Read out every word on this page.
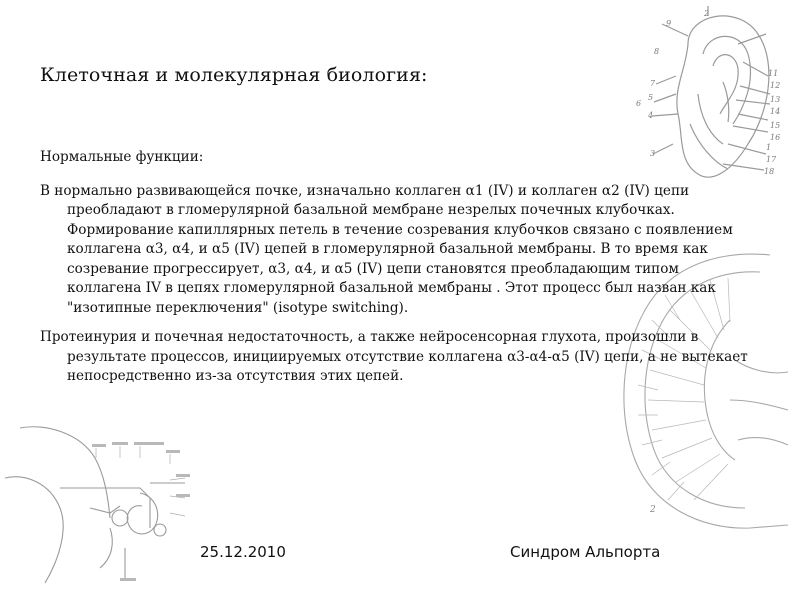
9
2
8
11
7	12
6
5	13
4	14
15
16
3
1
17
18
2
Клеточная и молекулярная биология:
Нормальные функции:

В нормально развивающейся почке, изначально коллаген α1 (IV) и коллаген α2 (IV) цепи преобладают в гломерулярной базальной мембране незрелых почечных клубочках. Формирование капиллярных петель в течение созревания клубочков связано с появлением коллагена α3, α4, и α5 (IV) цепей в гломерулярной базальной мембраны. В то время как созревание прогрессирует, α3, α4, и α5 (IV) цепи становятся преобладающим типом коллагена IV в цепях гломерулярной базальной мембраны . Этот процесс был назван как "изотипные переключения" (isotype switching).

Протеинурия и почечная недостаточность, а также нейросенсорная глухота, произошли в результате процессов, инициируемых отсутствие коллагена α3-α4-α5 (IV) цепи, а не вытекает непосредственно из-за отсутствия этих цепей.

25.12.2010	Синдром Альпорта
